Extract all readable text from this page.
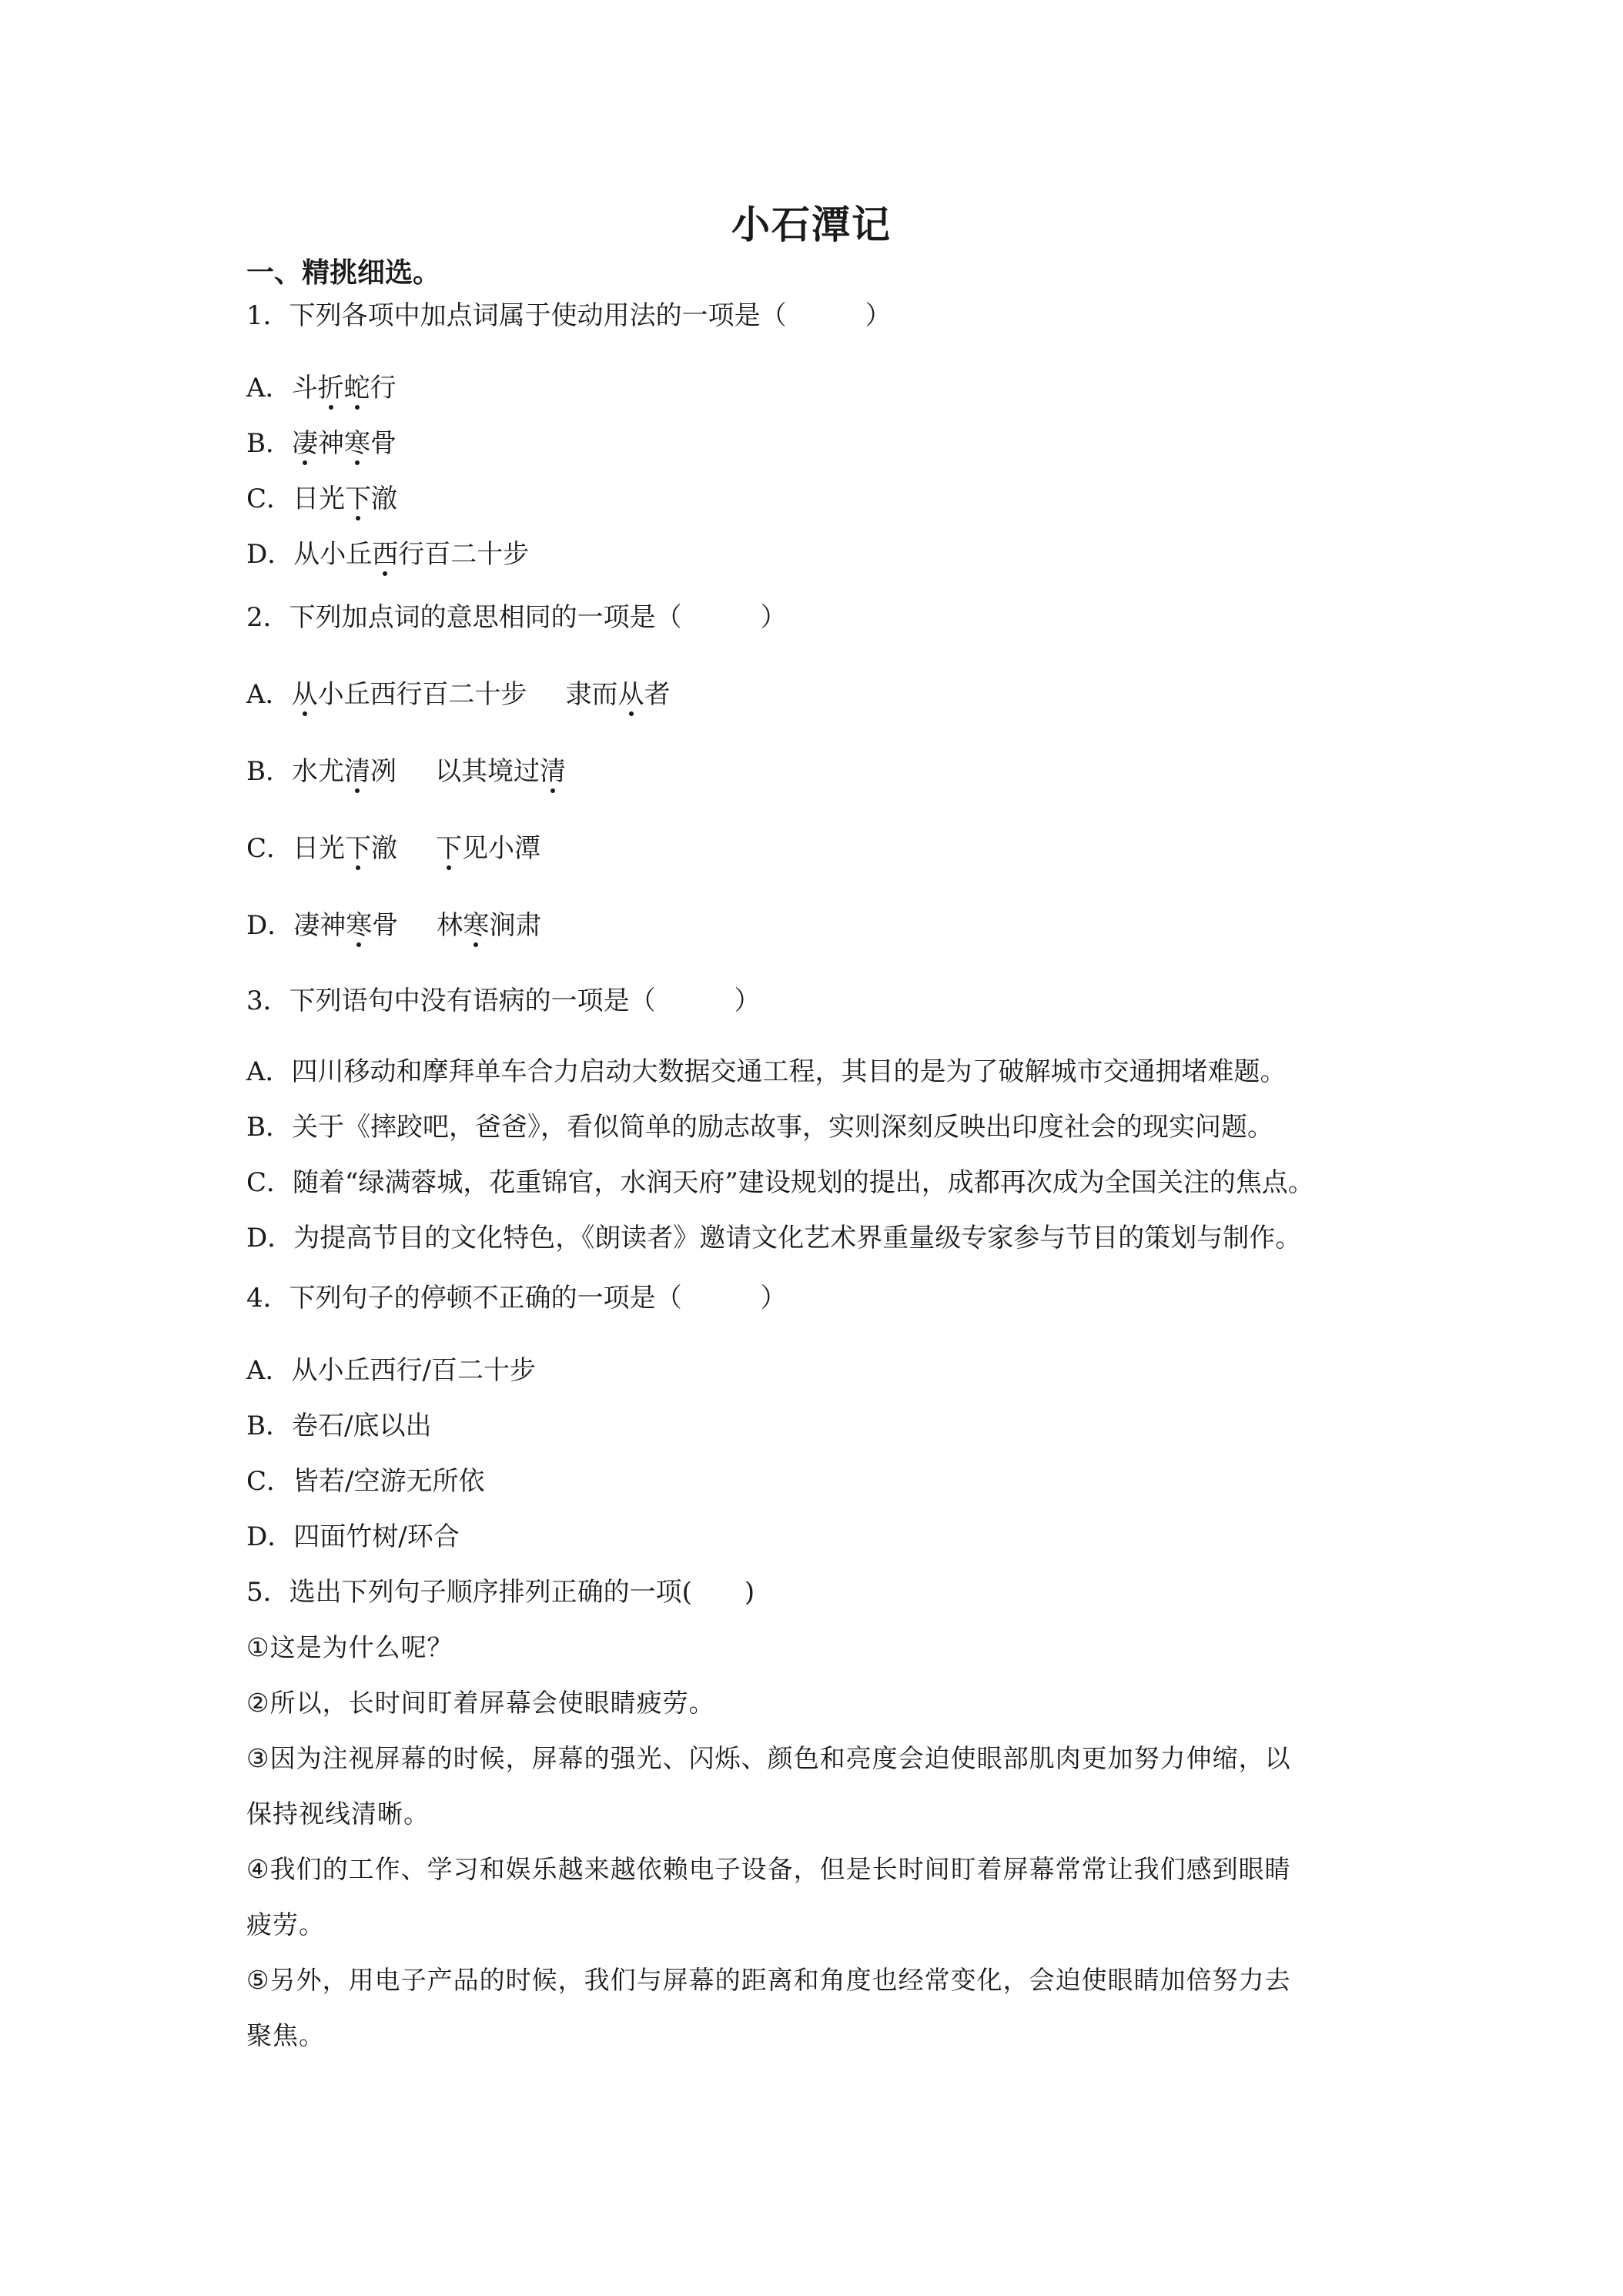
小石潭记
一、精挑细选。
1．下列各项中加点词属于使动用法的一项是（　　　）
A．斗折蛇行
B．凄神寒骨
C．日光下澈
D．从小丘西行百二十步
2．下列加点词的意思相同的一项是（　　　）
A．从小丘西行百二十步 隶而从者
B．水尤清冽 以其境过清
C．日光下澈 下见小潭
D．凄神寒骨 林寒涧肃
3．下列语句中没有语病的一项是（　　　）
A．四川移动和摩拜单车合力启动大数据交通工程，其目的是为了破解城市交通拥堵难题。
B．关于《摔跤吧，爸爸》，看似简单的励志故事，实则深刻反映出印度社会的现实问题。
C．随着“绿满蓉城，花重锦官，水润天府”建设规划的提出，成都再次成为全国关注的焦点。
D．为提高节目的文化特色，《朗读者》邀请文化艺术界重量级专家参与节目的策划与制作。
4．下列句子的停顿不正确的一项是（　　　）
A．从小丘西行/百二十步
B．卷石/底以出
C．皆若/空游无所依
D．四面竹树/环合
5．选出下列句子顺序排列正确的一项(　　)
①这是为什么呢？
②所以，长时间盯着屏幕会使眼睛疲劳。
③因为注视屏幕的时候，屏幕的强光、闪烁、颜色和亮度会迫使眼部肌肉更加努力伸缩，以
保持视线清晰。
④我们的工作、学习和娱乐越来越依赖电子设备，但是长时间盯着屏幕常常让我们感到眼睛
疲劳。
⑤另外，用电子产品的时候，我们与屏幕的距离和角度也经常变化，会迫使眼睛加倍努力去
聚焦。
